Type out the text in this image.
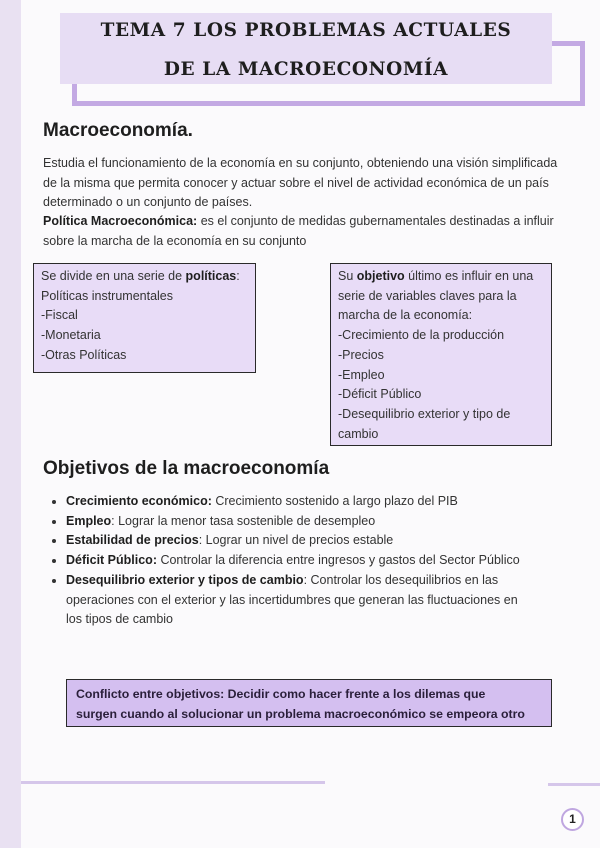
TEMA 7 LOS PROBLEMAS ACTUALES
DE LA MACROECONOMÍA
Macroeconomía.
Estudia el funcionamiento de la economía en su conjunto, obteniendo una visión simplificada
de la misma que permita conocer y actuar sobre el nivel de actividad económica de un país
determinado o un conjunto de países.
Política Macroeconómica: es el conjunto de medidas gubernamentales destinadas a influir
sobre la marcha de la economía en su conjunto
Se divide en una serie de políticas:
Políticas instrumentales
-Fiscal
-Monetaria
-Otras Políticas
Su objetivo último es influir en una
serie de variables claves para la
marcha de la economía:
-Crecimiento de la producción
-Precios
-Empleo
-Déficit Público
-Desequilibrio exterior y tipo de
cambio
Objetivos de la macroeconomía
• Crecimiento económico: Crecimiento sostenido a largo plazo del PIB
• Empleo: Lograr la menor tasa sostenible de desempleo
• Estabilidad de precios: Lograr un nivel de precios estable
• Déficit Público: Controlar la diferencia entre ingresos y gastos del Sector Público
• Desequilibrio exterior y tipos de cambio: Controlar los desequilibrios en las operaciones con el exterior y las incertidumbres que generan las fluctuaciones en los tipos de cambio
Conflicto entre objetivos: Decidir como hacer frente a los dilemas que
surgen cuando al solucionar un problema macroeconómico se empeora otro
1
